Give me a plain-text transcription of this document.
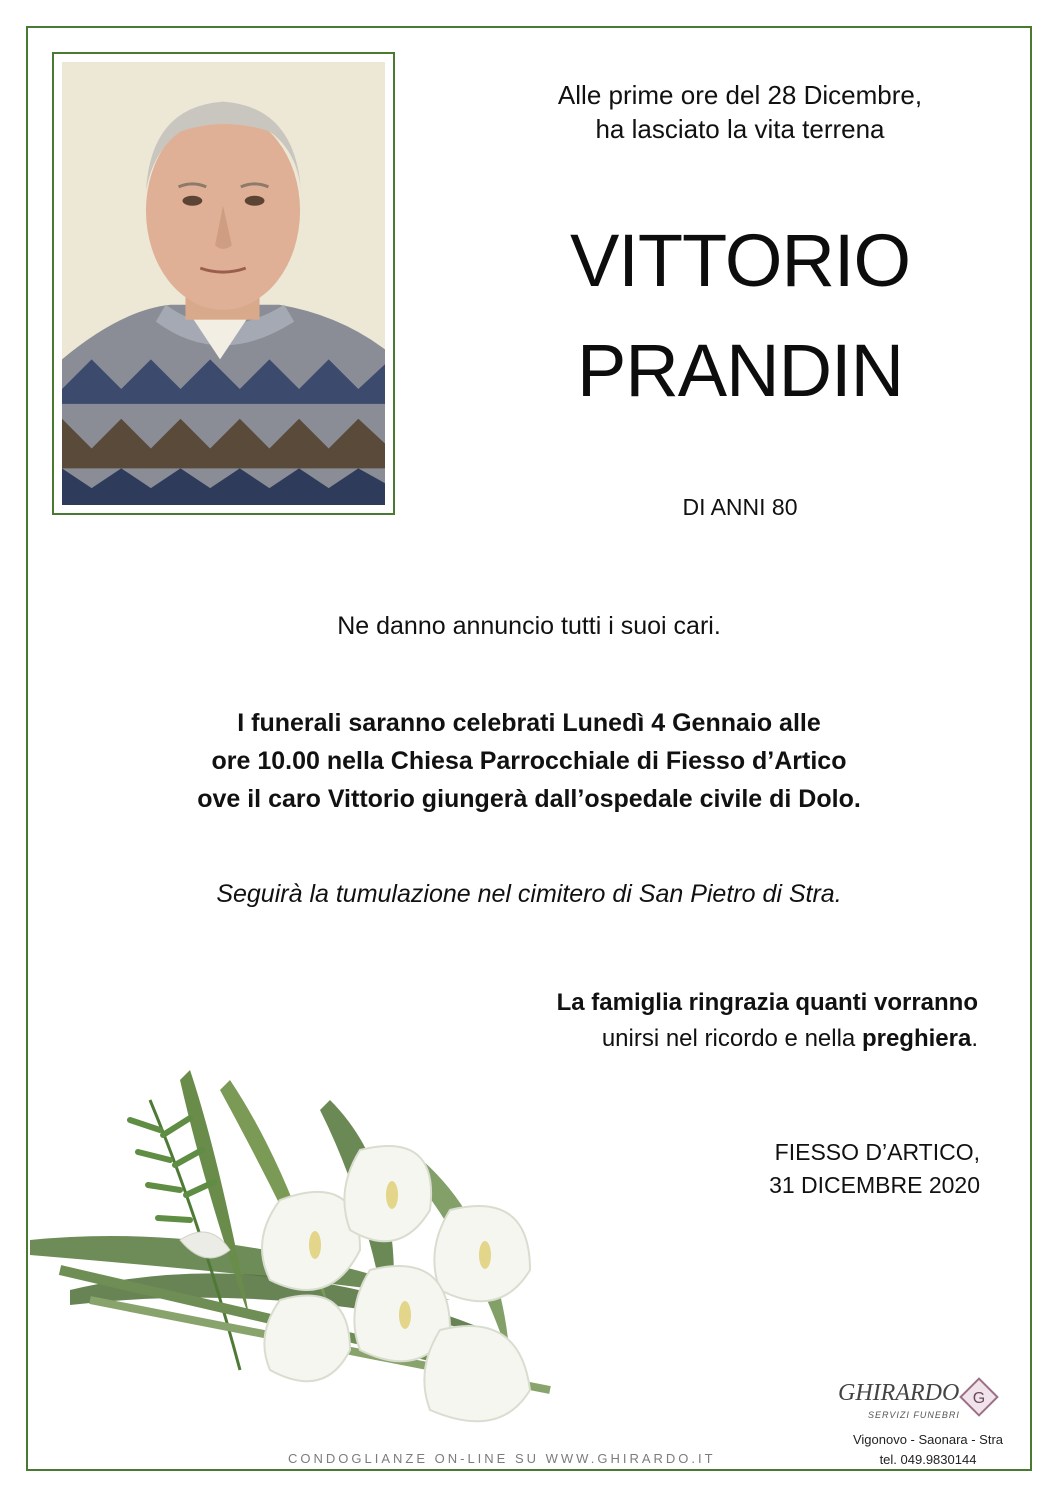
Alle prime ore del 28 Dicembre,
ha lasciato la vita terrena
VITTORIO
PRANDIN
DI ANNI 80
Ne danno annuncio tutti i suoi cari.
I funerali saranno celebrati Lunedì 4 Gennaio alle
ore 10.00 nella Chiesa Parrocchiale di Fiesso d’Artico
ove il caro Vittorio giungerà dall’ospedale civile di Dolo.
Seguirà la tumulazione nel cimitero di San Pietro di Stra.
La famiglia ringrazia quanti vorranno
unirsi nel ricordo e nella preghiera.
FIESSO D’ARTICO,
31 DICEMBRE 2020
GHIRARDO
SERVIZI FUNEBRI
G
Vigonovo - Saonara - Stra
tel. 049.9830144
CONDOGLIANZE ON-LINE SU WWW.GHIRARDO.IT
